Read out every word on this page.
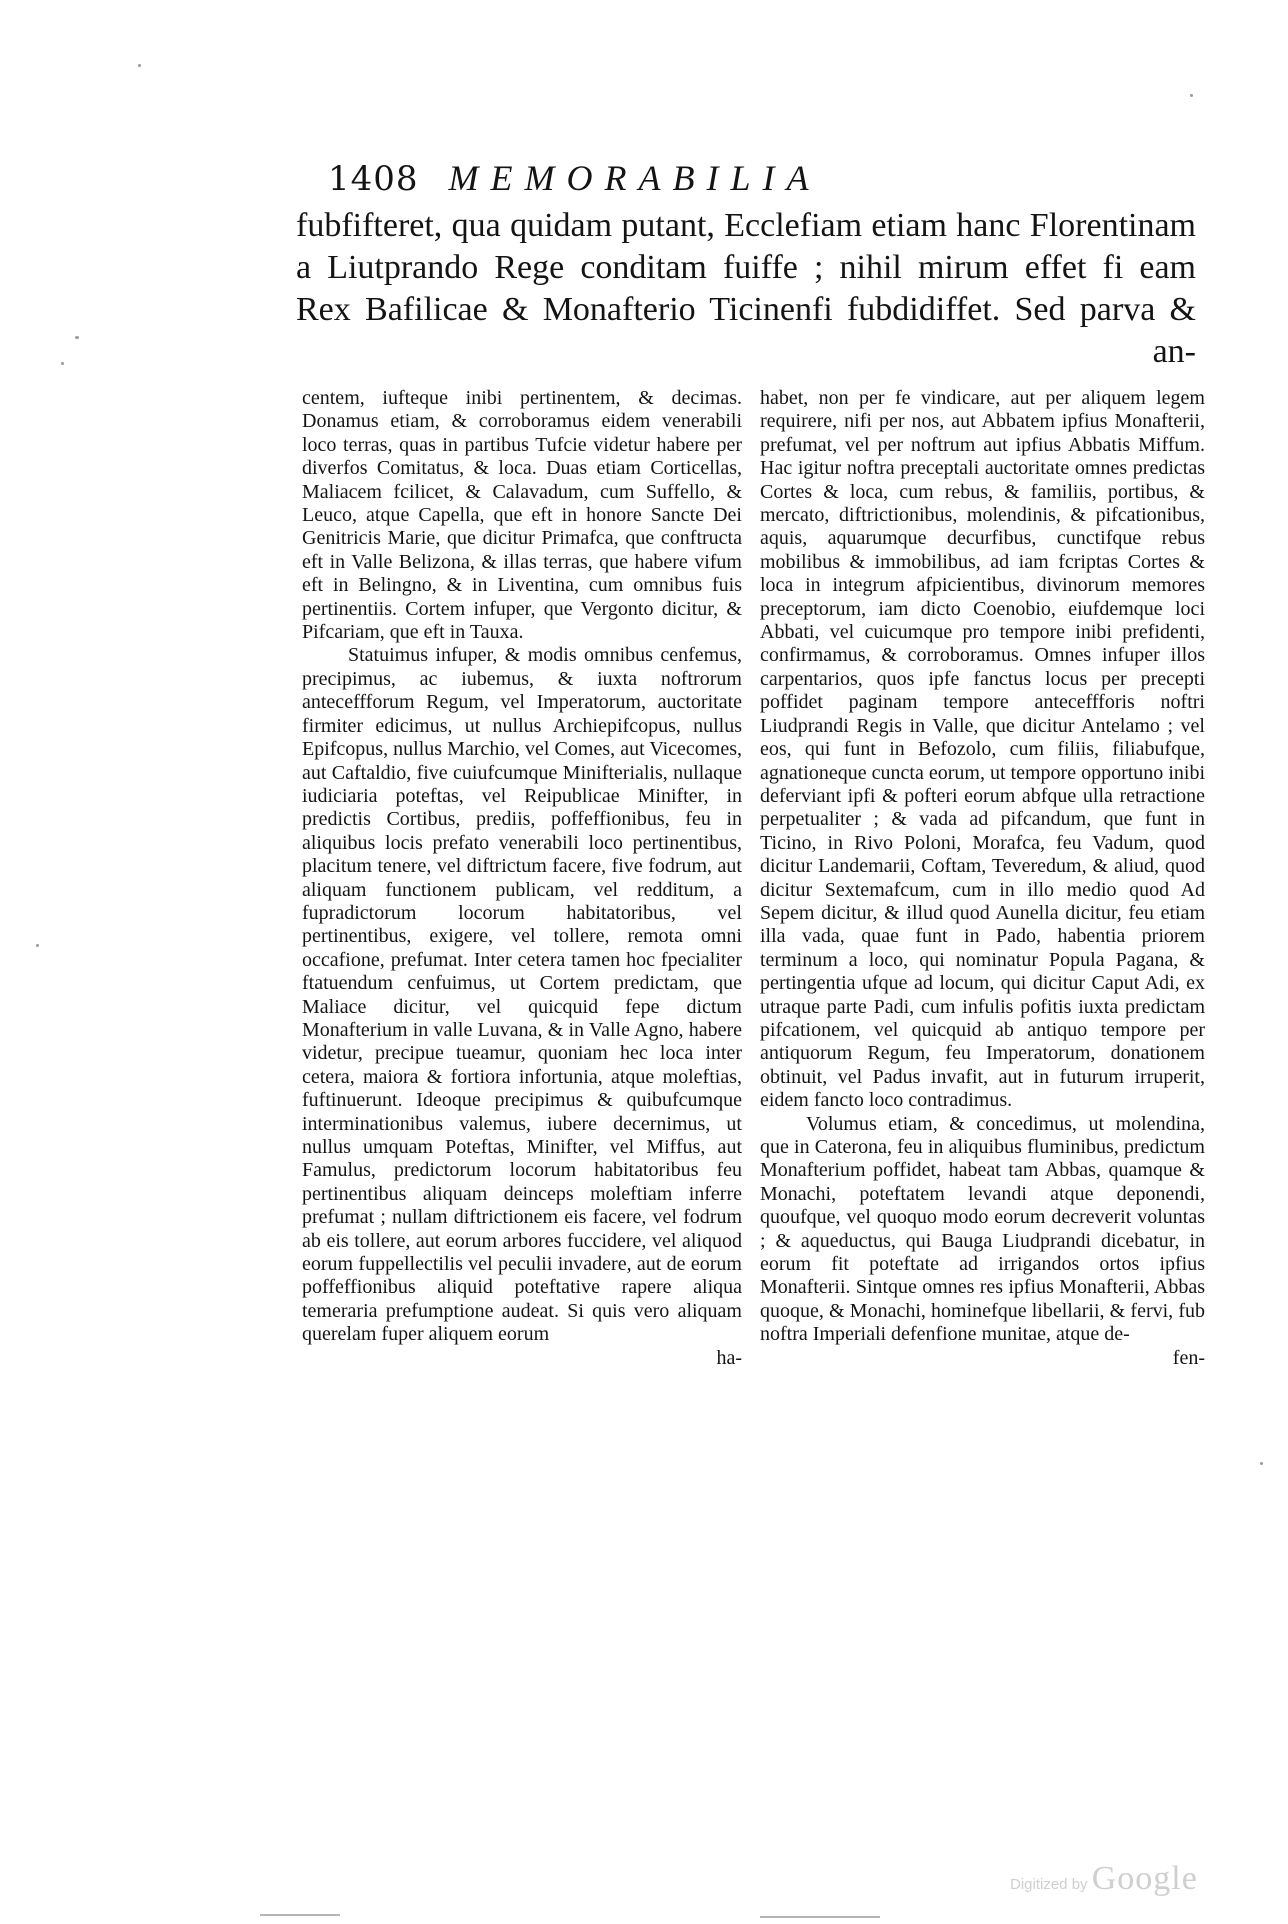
1408 MEMORABILIA
fubfifteret, qua quidam putant, Ecclefiam etiam hanc Florentinam
a Liutprando Rege conditam fuiffe ; nihil mirum effet fi eam
Rex Bafilicae & Monafterio Ticinenfi fubdidiffet. Sed parva &
an-

centem, iufteque inibi pertinentem, & decimas. Donamus etiam, & corroboramus eidem venerabili loco terras, quas in partibus Tufcie videtur habere per diverfos Comitatus, & loca. Duas etiam Corticellas, Maliacem fcilicet, & Calavadum, cum Suffello, & Leuco, atque Capella, que eft in honore Sancte Dei Genitricis Marie, que dicitur Primafca, que conftructa eft in Valle Belizona, & illas terras, que habere vifum eft in Belingno, & in Liventina, cum omnibus fuis pertinentiis. Cortem infuper, que Vergonto dicitur, & Pifcariam, que eft in Tauxa.

Statuimus infuper, & modis omnibus cenfemus, precipimus, ac iubemus, & iuxta noftrorum anteceffforum Regum, vel Imperatorum, auctoritate firmiter edicimus, ut nullus Archiepifcopus, nullus Epifcopus, nullus Marchio, vel Comes, aut Vicecomes, aut Caftaldio, five cuiufcumque Minifterialis, nullaque iudiciaria poteftas, vel Reipublicae Minifter, in predictis Cortibus, prediis, poffeffionibus, feu in aliquibus locis prefato venerabili loco pertinentibus, placitum tenere, vel diftrictum facere, five fodrum, aut aliquam functionem publicam, vel redditum, a fupradictorum locorum habitatoribus, vel pertinentibus, exigere, vel tollere, remota omni occafione, prefumat. Inter cetera tamen hoc fpecialiter ftatuendum cenfuimus, ut Cortem predictam, que Maliace dicitur, vel quicquid fepe dictum Monafterium in valle Luvana, & in Valle Agno, habere videtur, precipue tueamur, quoniam hec loca inter cetera, maiora & fortiora infortunia, atque moleftias, fuftinuerunt. Ideoque precipimus & quibufcumque interminationibus valemus, iubere decernimus, ut nullus umquam Poteftas, Minifter, vel Miffus, aut Famulus, predictorum locorum habitatoribus feu pertinentibus aliquam deinceps moleftiam inferre prefumat ; nullam diftrictionem eis facere, vel fodrum ab eis tollere, aut eorum arbores fuccidere, vel aliquod eorum fuppellectilis vel peculii invadere, aut de eorum poffeffionibus aliquid poteftative rapere aliqua temeraria prefumptione audeat. Si quis vero aliquam querelam fuper aliquem eorum

ha-

habet, non per fe vindicare, aut per aliquem legem requirere, nifi per nos, aut Abbatem ipfius Monafterii, prefumat, vel per noftrum aut ipfius Abbatis Miffum. Hac igitur noftra preceptali auctoritate omnes predictas Cortes & loca, cum rebus, & familiis, portibus, & mercato, diftrictionibus, molendinis, & pifcationibus, aquis, aquarumque decurfibus, cunctifque rebus mobilibus & immobilibus, ad iam fcriptas Cortes & loca in integrum afpicientibus, divinorum memores preceptorum, iam dicto Coenobio, eiufdemque loci Abbati, vel cuicumque pro tempore inibi prefidenti, confirmamus, & corroboramus. Omnes infuper illos carpentarios, quos ipfe fanctus locus per precepti poffidet paginam tempore anteceffforis noftri Liudprandi Regis in Valle, que dicitur Antelamo ; vel eos, qui funt in Befozolo, cum filiis, filiabufque, agnationeque cuncta eorum, ut tempore opportuno inibi deferviant ipfi & pofteri eorum abfque ulla retractione perpetualiter ; & vada ad pifcandum, que funt in Ticino, in Rivo Poloni, Morafca, feu Vadum, quod dicitur Landemarii, Coftam, Teveredum, & aliud, quod dicitur Sextemafcum, cum in illo medio quod Ad Sepem dicitur, & illud quod Aunella dicitur, feu etiam illa vada, quae funt in Pado, habentia priorem terminum a loco, qui nominatur Popula Pagana, & pertingentia ufque ad locum, qui dicitur Caput Adi, ex utraque parte Padi, cum infulis pofitis iuxta predictam pifcationem, vel quicquid ab antiquo tempore per antiquorum Regum, feu Imperatorum, donationem obtinuit, vel Padus invafit, aut in futurum irruperit, eidem fancto loco contradimus.

Volumus etiam, & concedimus, ut molendina, que in Caterona, feu in aliquibus fluminibus, predictum Monafterium poffidet, habeat tam Abbas, quamque & Monachi, poteftatem levandi atque deponendi, quoufque, vel quoquo modo eorum decreverit voluntas ; & aqueductus, qui Bauga Liudprandi dicebatur, in eorum fit poteftate ad irrigandos ortos ipfius Monafterii. Sintque omnes res ipfius Monafterii, Abbas quoque, & Monachi, hominefque libellarii, & fervi, fub noftra Imperiali defenfione munitae, atque de-

fen-
Digitized by Google
